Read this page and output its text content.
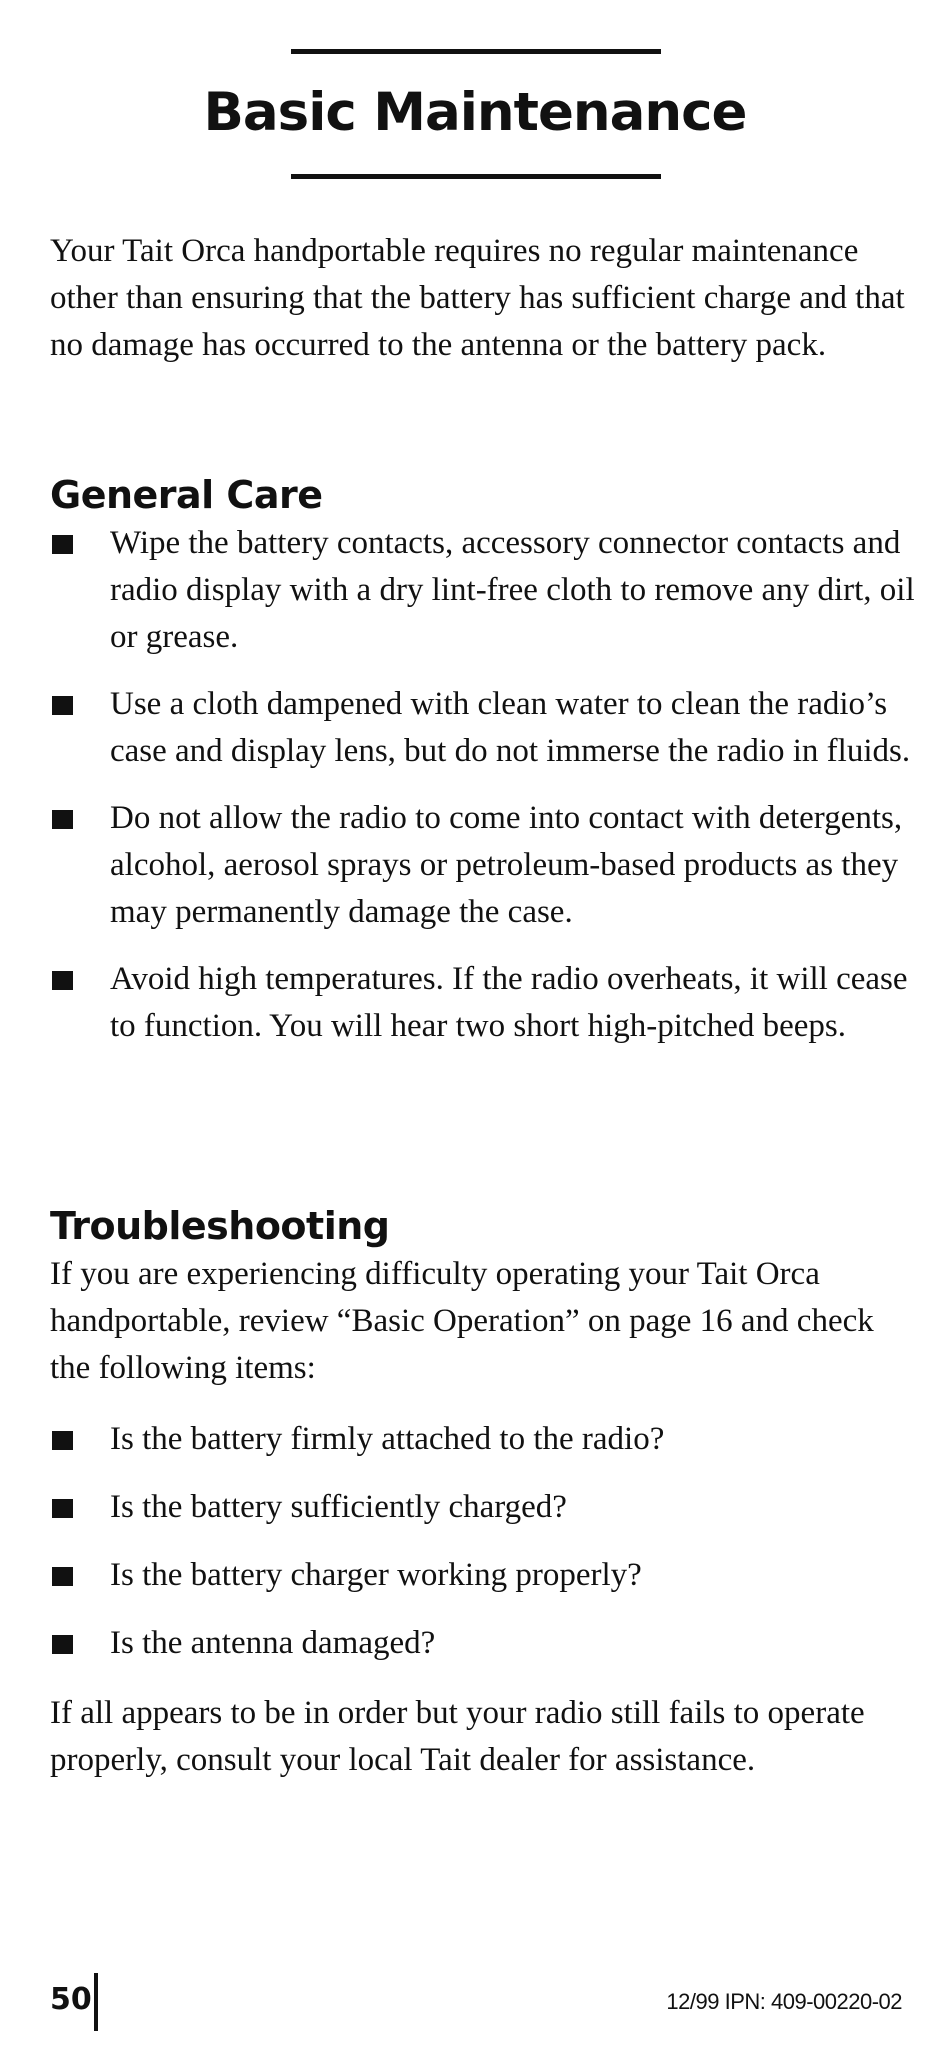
Basic Maintenance

Your Tait Orca handportable requires no regular maintenance other than ensuring that the battery has sufficient charge and that no damage has occurred to the antenna or the battery pack.

General Care
Wipe the battery contacts, accessory connector contacts and radio display with a dry lint-free cloth to remove any dirt, oil or grease.
Use a cloth dampened with clean water to clean the radio’s case and display lens, but do not immerse the radio in fluids.
Do not allow the radio to come into contact with detergents, alcohol, aerosol sprays or petroleum-based products as they may permanently damage the case.
Avoid high temperatures. If the radio overheats, it will cease to function. You will hear two short high-pitched beeps.
Troubleshooting

If you are experiencing difficulty operating your Tait Orca handportable, review “Basic Operation” on page 16 and check the following items:

Is the battery firmly attached to the radio?
Is the battery sufficiently charged?
Is the battery charger working properly?
Is the antenna damaged?

If all appears to be in order but your radio still fails to operate properly, consult your local Tait dealer for assistance.

50	12/99 IPN: 409-00220-02
